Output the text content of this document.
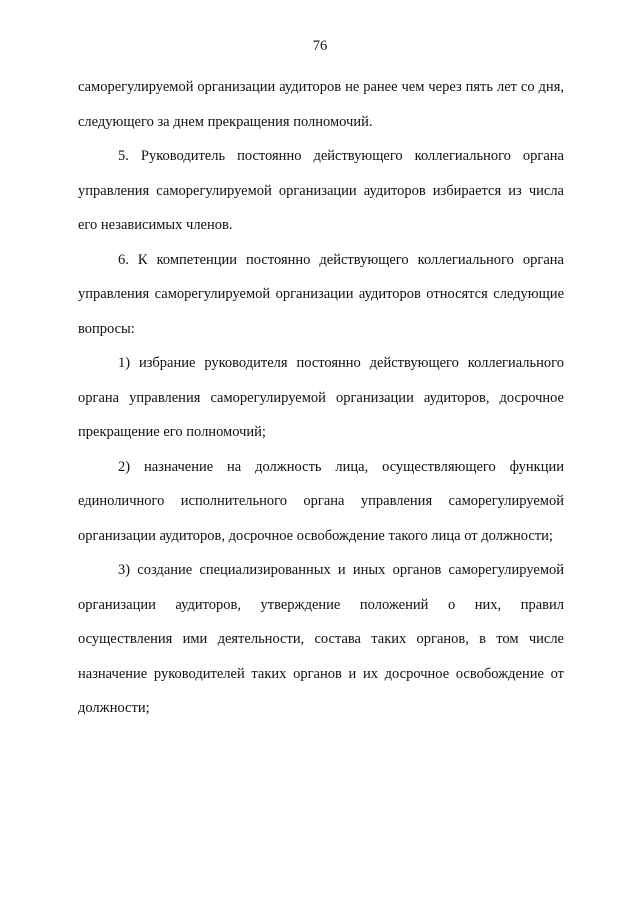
76

саморегулируемой организации аудиторов не ранее чем через пять лет со дня, следующего за днем прекращения полномочий.

5. Руководитель постоянно действующего коллегиального органа управления саморегулируемой организации аудиторов избирается из числа его независимых членов.

6. К компетенции постоянно действующего коллегиального органа управления саморегулируемой организации аудиторов относятся следующие вопросы:

1) избрание руководителя постоянно действующего коллегиального органа управления саморегулируемой организации аудиторов, досрочное прекращение его полномочий;

2) назначение на должность лица, осуществляющего функции единоличного исполнительного органа управления саморегулируемой организации аудиторов, досрочное освобождение такого лица от должности;

3) создание специализированных и иных органов саморегулируемой организации аудиторов, утверждение положений о них, правил осуществления ими деятельности, состава таких органов, в том числе назначение руководителей таких органов и их досрочное освобождение от должности;
